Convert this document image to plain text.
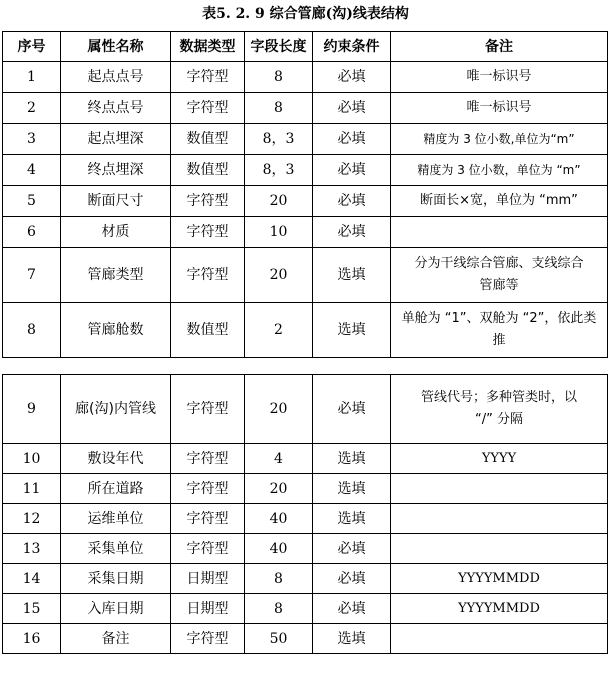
表5. 2. 9 综合管廊(沟)线表结构
序号	属性名称	数据类型	字段长度	约束条件	备注
1	起点点号	字符型	8	必填	唯一标识号
2	终点点号	字符型	8	必填	唯一标识号
3	起点埋深	数值型	8，3	必填	精度为 3 位小数,单位为“m”
4	终点埋深	数值型	8，3	必填	精度为 3 位小数，单位为 “m”
5	断面尺寸	字符型	20	必填	断面长×宽，单位为 “mm”
6	材质	字符型	10	必填	
7	管廊类型	字符型	20	选填	分为干线综合管廊、支线综合管廊等
8	管廊舱数	数值型	2	选填	单舱为 “1”、双舱为 “2”，依此类推
9	廊(沟)内管线	字符型	20	必填	管线代号；多种管类时，以 “/” 分隔
10	敷设年代	字符型	4	选填	YYYY
11	所在道路	字符型	20	选填	
12	运维单位	字符型	40	选填	
13	采集单位	字符型	40	必填	
14	采集日期	日期型	8	必填	YYYYMMDD
15	入库日期	日期型	8	必填	YYYYMMDD
16	备注	字符型	50	选填	
